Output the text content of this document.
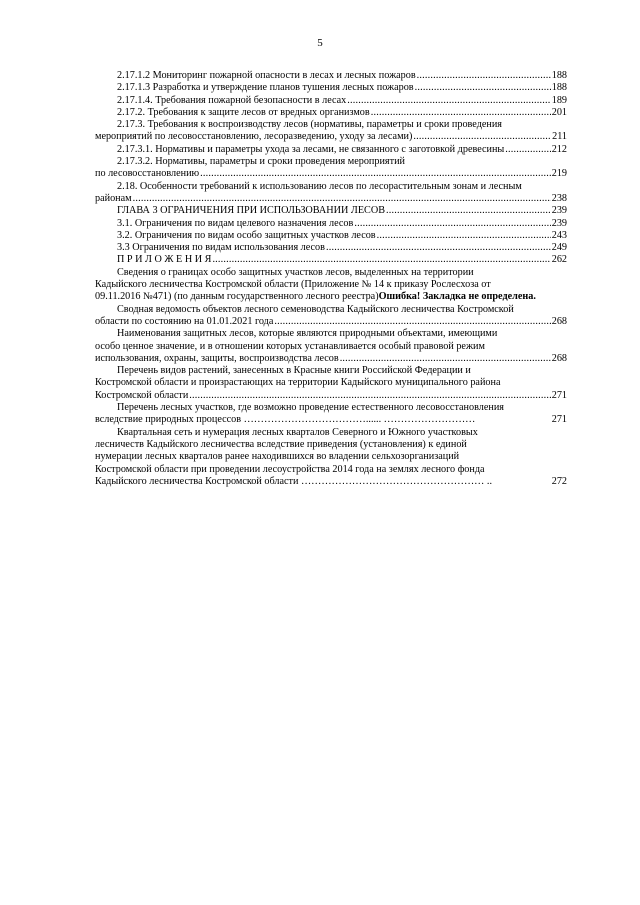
5
2.17.1.2 Мониторинг пожарной опасности в лесах и лесных пожаров .....	188
2.17.1.3 Разработка и утверждение планов тушения лесных пожаров .....	188
2.17.1.4. Требования пожарной безопасности в лесах .....	189
2.17.2. Требования к защите лесов от вредных организмов .....	201
2.17.3. Требования к воспроизводству лесов (нормативы, параметры и сроки проведения
мероприятий по лесовосстановлению, лесоразведению, уходу за лесами) .....	211
2.17.3.1. Нормативы и параметры ухода за лесами, не связанного с заготовкой древесины .....	212
2.17.3.2. Нормативы, параметры и сроки проведения мероприятий
по лесовосстановлению .....	219
2.18. Особенности требований к использованию лесов по лесорастительным зонам и лесным
районам .....	238
ГЛАВА 3 ОГРАНИЧЕНИЯ ПРИ ИСПОЛЬЗОВАНИИ ЛЕСОВ .....	239
3.1. Ограничения по видам целевого назначения лесов .....	239
3.2. Ограничения по видам особо защитных участков лесов .....	243
3.3 Ограничения по видам использования лесов .....	249
П Р И Л О Ж Е Н И Я .....	262
Сведения о границах особо защитных участков лесов, выделенных на территории
Кадыйского лесничества Костромской области (Приложение № 14 к приказу Рослесхоза от
09.11.2016 №471) (по данным государственного лесного реестра)Ошибка! Закладка не определена.
Сводная ведомость объектов лесного семеноводства Кадыйского лесничества Костромской
области по состоянию на 01.01.2021 года .....	268
Наименования защитных лесов, которые являются природными объектами, имеющими
особо ценное значение, и в отношении которых устанавливается особый правовой режим
использования, охраны, защиты, воспроизводства лесов .....	268
Перечень видов растений, занесенных в Красные книги Российской Федерации и
Костромской области и произрастающих на территории Кадыйского муниципального района
Костромской области .....	271
Перечень лесных участков, где возможно проведение естественного лесовосстановления
вследствие природных процессов ………………………………...... ………………………	271
Квартальная сеть и нумерация лесных кварталов Северного и Южного участковых
лесничеств Кадыйского лесничества вследствие приведения (установления) к единой
нумерации лесных кварталов ранее находившихся во владении сельхозорганизаций
Костромской области при проведении лесоустройства 2014 года на землях лесного фонда
Кадыйского лесничества Костромской области ……………………………………………… ..	272
